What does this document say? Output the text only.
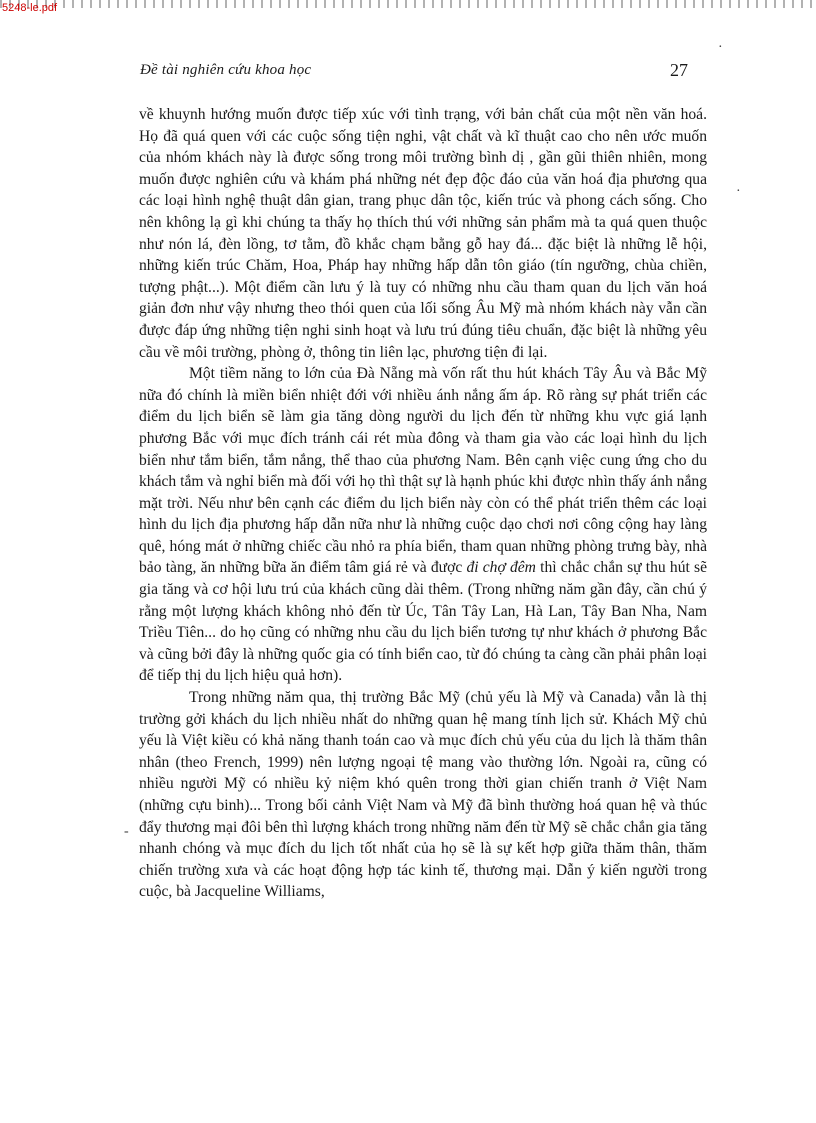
5248-le.pdf
Đề tài nghiên cứu khoa học	27
·
·
-

về khuynh hướng muốn được tiếp xúc với tình trạng, với bản chất của một nền văn hoá. Họ đã quá quen với các cuộc sống tiện nghi, vật chất và kĩ thuật cao cho nên ước muốn của nhóm khách này là được sống trong môi trường bình dị , gần gũi thiên nhiên, mong muốn được nghiên cứu và khám phá những nét đẹp độc đáo của văn hoá địa phương qua các loại hình nghệ thuật dân gian, trang phục dân tộc, kiến trúc và phong cách sống. Cho nên không lạ gì khi chúng ta thấy họ thích thú với những sản phẩm mà ta quá quen thuộc như nón lá, đèn lồng, tơ tằm, đồ khắc chạm bằng gỗ hay đá... đặc biệt là những lễ hội, những kiến trúc Chăm, Hoa, Pháp hay những hấp dẫn tôn giáo (tín ngưỡng, chùa chiền, tượng phật...). Một điểm cần lưu ý là tuy có những nhu cầu tham quan du lịch văn hoá giản đơn như vậy nhưng theo thói quen của lối sống Âu Mỹ mà nhóm khách này vẫn cần được đáp ứng những tiện nghi sinh hoạt và lưu trú đúng tiêu chuẩn, đặc biệt là những yêu cầu về môi trường, phòng ở, thông tin liên lạc, phương tiện đi lại.

Một tiềm năng to lớn của Đà Nẵng mà vốn rất thu hút khách Tây Âu và Bắc Mỹ nữa đó chính là miền biển nhiệt đới với nhiều ánh nắng ấm áp. Rõ ràng sự phát triển các điểm du lịch biển sẽ làm gia tăng dòng người du lịch đến từ những khu vực giá lạnh phương Bắc với mục đích tránh cái rét mùa đông và tham gia vào các loại hình du lịch biển như tắm biển, tắm nắng, thể thao của phương Nam. Bên cạnh việc cung ứng cho du khách tắm và nghỉ biển mà đối với họ thì thật sự là hạnh phúc khi được nhìn thấy ánh nắng mặt trời. Nếu như bên cạnh các điểm du lịch biển này còn có thể phát triển thêm các loại hình du lịch địa phương hấp dẫn nữa như là những cuộc dạo chơi nơi công cộng hay làng quê, hóng mát ở những chiếc cầu nhỏ ra phía biển, tham quan những phòng trưng bày, nhà bảo tàng, ăn những bữa ăn điểm tâm giá rẻ và được đi chợ đêm thì chắc chắn sự thu hút sẽ gia tăng và cơ hội lưu trú của khách cũng dài thêm. (Trong những năm gần đây, cần chú ý rằng một lượng khách không nhỏ đến từ Úc, Tân Tây Lan, Hà Lan, Tây Ban Nha, Nam Triều Tiên... do họ cũng có những nhu cầu du lịch biển tương tự như khách ở phương Bắc và cũng bởi đây là những quốc gia có tính biển cao, từ đó chúng ta càng cần phải phân loại để tiếp thị du lịch hiệu quả hơn).

Trong những năm qua, thị trường Bắc Mỹ (chủ yếu là Mỹ và Canada) vẫn là thị trường gởi khách du lịch nhiều nhất do những quan hệ mang tính lịch sử. Khách Mỹ chủ yếu là Việt kiều có khả năng thanh toán cao và mục đích chủ yếu của du lịch là thăm thân nhân (theo French, 1999) nên lượng ngoại tệ mang vào thường lớn. Ngoài ra, cũng có nhiều người Mỹ có nhiều kỷ niệm khó quên trong thời gian chiến tranh ở Việt Nam (những cựu binh)... Trong bối cảnh Việt Nam và Mỹ đã bình thường hoá quan hệ và thúc đẩy thương mại đôi bên thì lượng khách trong những năm đến từ Mỹ sẽ chắc chắn gia tăng nhanh chóng và mục đích du lịch tốt nhất của họ sẽ là sự kết hợp giữa thăm thân, thăm chiến trường xưa và các hoạt động hợp tác kinh tế, thương mại. Dẫn ý kiến người trong cuộc, bà Jacqueline Williams,
